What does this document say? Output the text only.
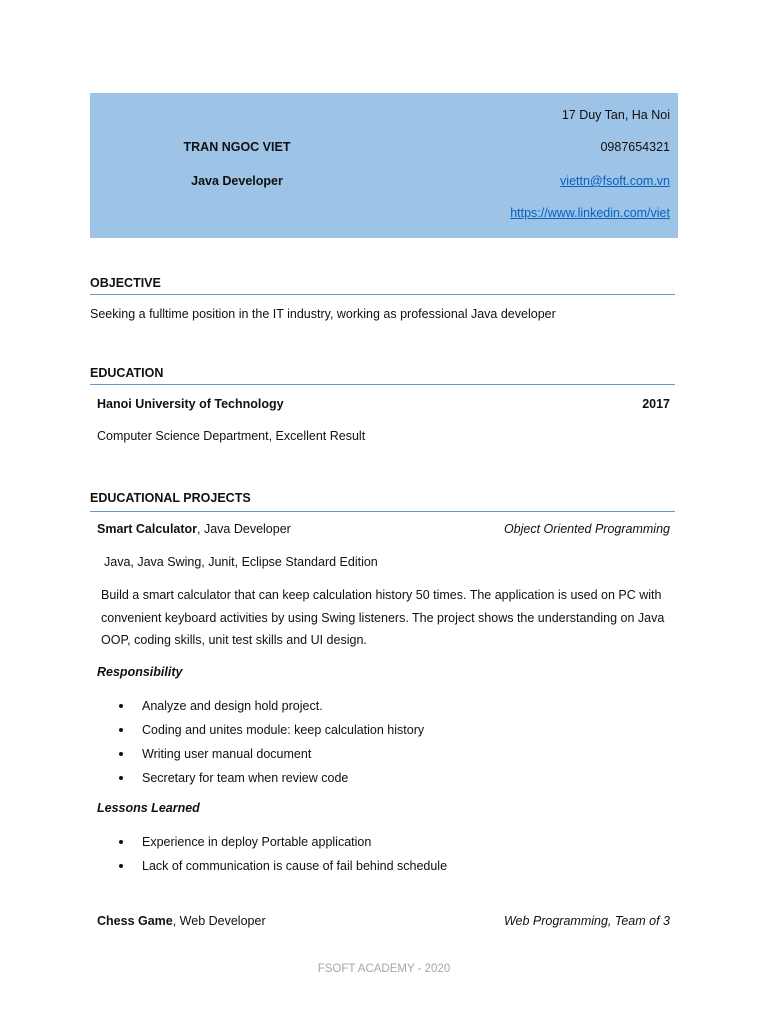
17 Duy Tan, Ha Noi
TRAN NGOC VIET	0987654321
Java Developer	viettn@fsoft.com.vn
https://www.linkedin.com/viet
OBJECTIVE
Seeking a fulltime position in the IT industry, working as professional Java developer
EDUCATION
Hanoi University of Technology	2017
Computer Science Department, Excellent Result
EDUCATIONAL PROJECTS
Smart Calculator, Java Developer	Object Oriented Programming
Java, Java Swing, Junit, Eclipse Standard Edition

Build a smart calculator that can keep calculation history 50 times. The application is used on PC with convenient keyboard activities by using Swing listeners. The project shows the understanding on Java OOP, coding skills, unit test skills and UI design.

Responsibility
Analyze and design hold project.
Coding and unites module: keep calculation history
Writing user manual document
Secretary for team when review code
Lessons Learned
Experience in deploy Portable application
Lack of communication is cause of fail behind schedule
Chess Game, Web Developer	Web Programming, Team of 3
FSOFT ACADEMY - 2020
